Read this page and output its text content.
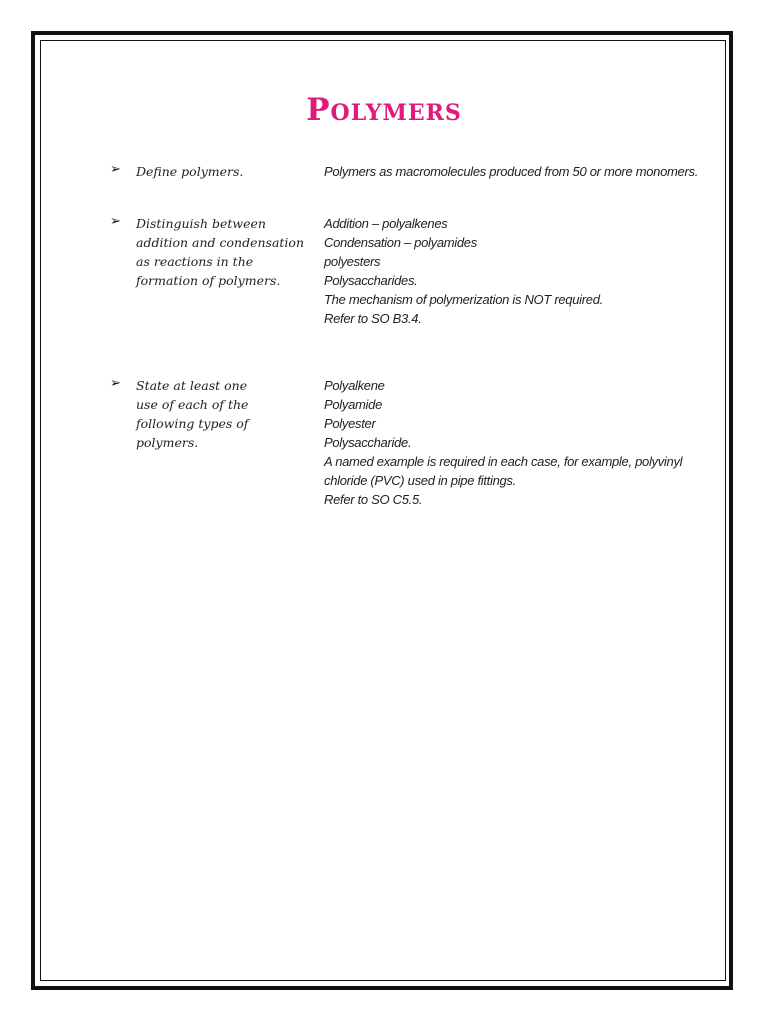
Polymers
➢ Define polymers.	Polymers as macromolecules produced from 50 or more monomers.
➢ Distinguish between
addition and condensation
as reactions in the
formation of polymers.
Addition – polyalkenes
Condensation – polyamides
polyesters
Polysaccharides.
The mechanism of polymerization is NOT required.
Refer to SO B3.4.
➢ State at least one
use of each of the
following types of
polymers.
Polyalkene
Polyamide
Polyester
Polysaccharide.
A named example is required in each case, for example, polyvinyl
chloride (PVC) used in pipe fittings.
Refer to SO C5.5.
